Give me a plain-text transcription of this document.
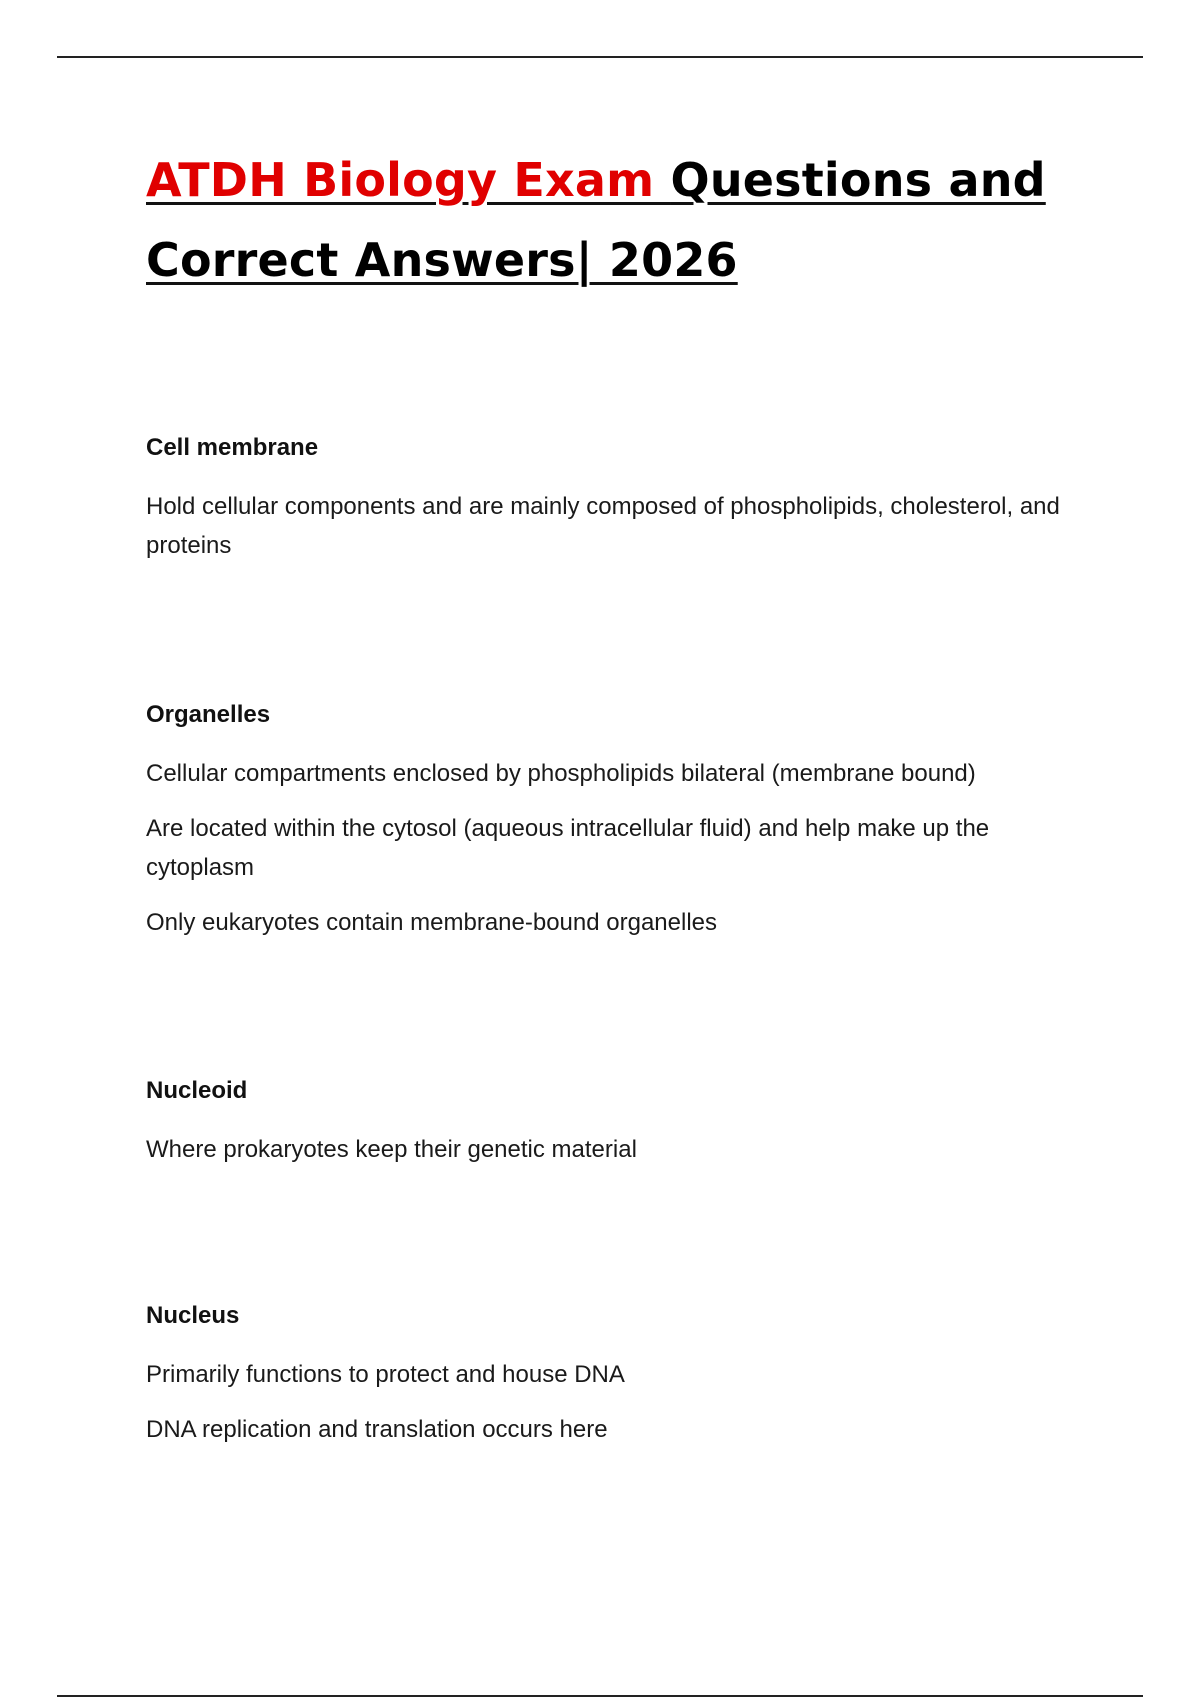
ATDH Biology Exam Questions and Correct Answers| 2026

Cell membrane

Hold cellular components and are mainly composed of phospholipids, cholesterol, and proteins

Organelles

Cellular compartments enclosed by phospholipids bilateral (membrane bound)

Are located within the cytosol (aqueous intracellular fluid) and help make up the cytoplasm

Only eukaryotes contain membrane-bound organelles

Nucleoid

Where prokaryotes keep their genetic material

Nucleus

Primarily functions to protect and house DNA

DNA replication and translation occurs here
